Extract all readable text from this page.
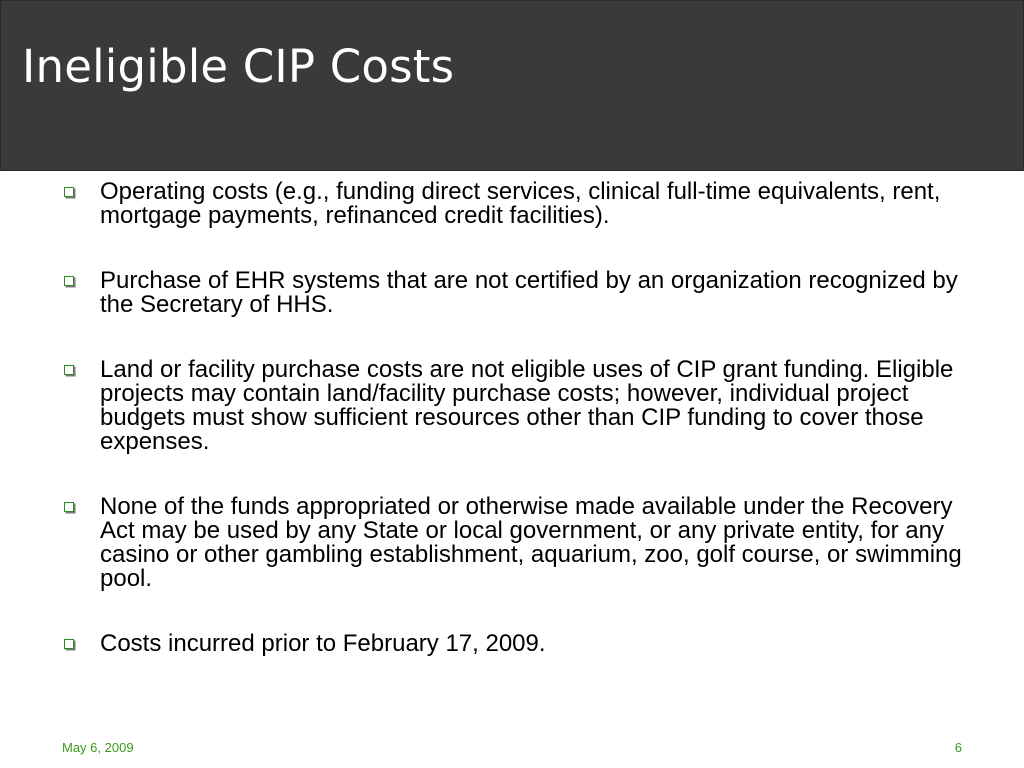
Ineligible CIP Costs
Operating costs (e.g., funding direct services, clinical full-time equivalents, rent, mortgage payments, refinanced credit facilities).
Purchase of EHR systems that are not certified by an organization recognized by the Secretary of HHS.
Land or facility purchase costs are not eligible uses of CIP grant funding. Eligible projects may contain land/facility purchase costs; however, individual project budgets must show sufficient resources other than CIP funding to cover those expenses.
None of the funds appropriated or otherwise made available under the Recovery Act may be used by any State or local government, or any private entity, for any casino or other gambling establishment, aquarium, zoo, golf course, or swimming pool.
Costs incurred prior to February 17, 2009.
May 6, 2009	6
